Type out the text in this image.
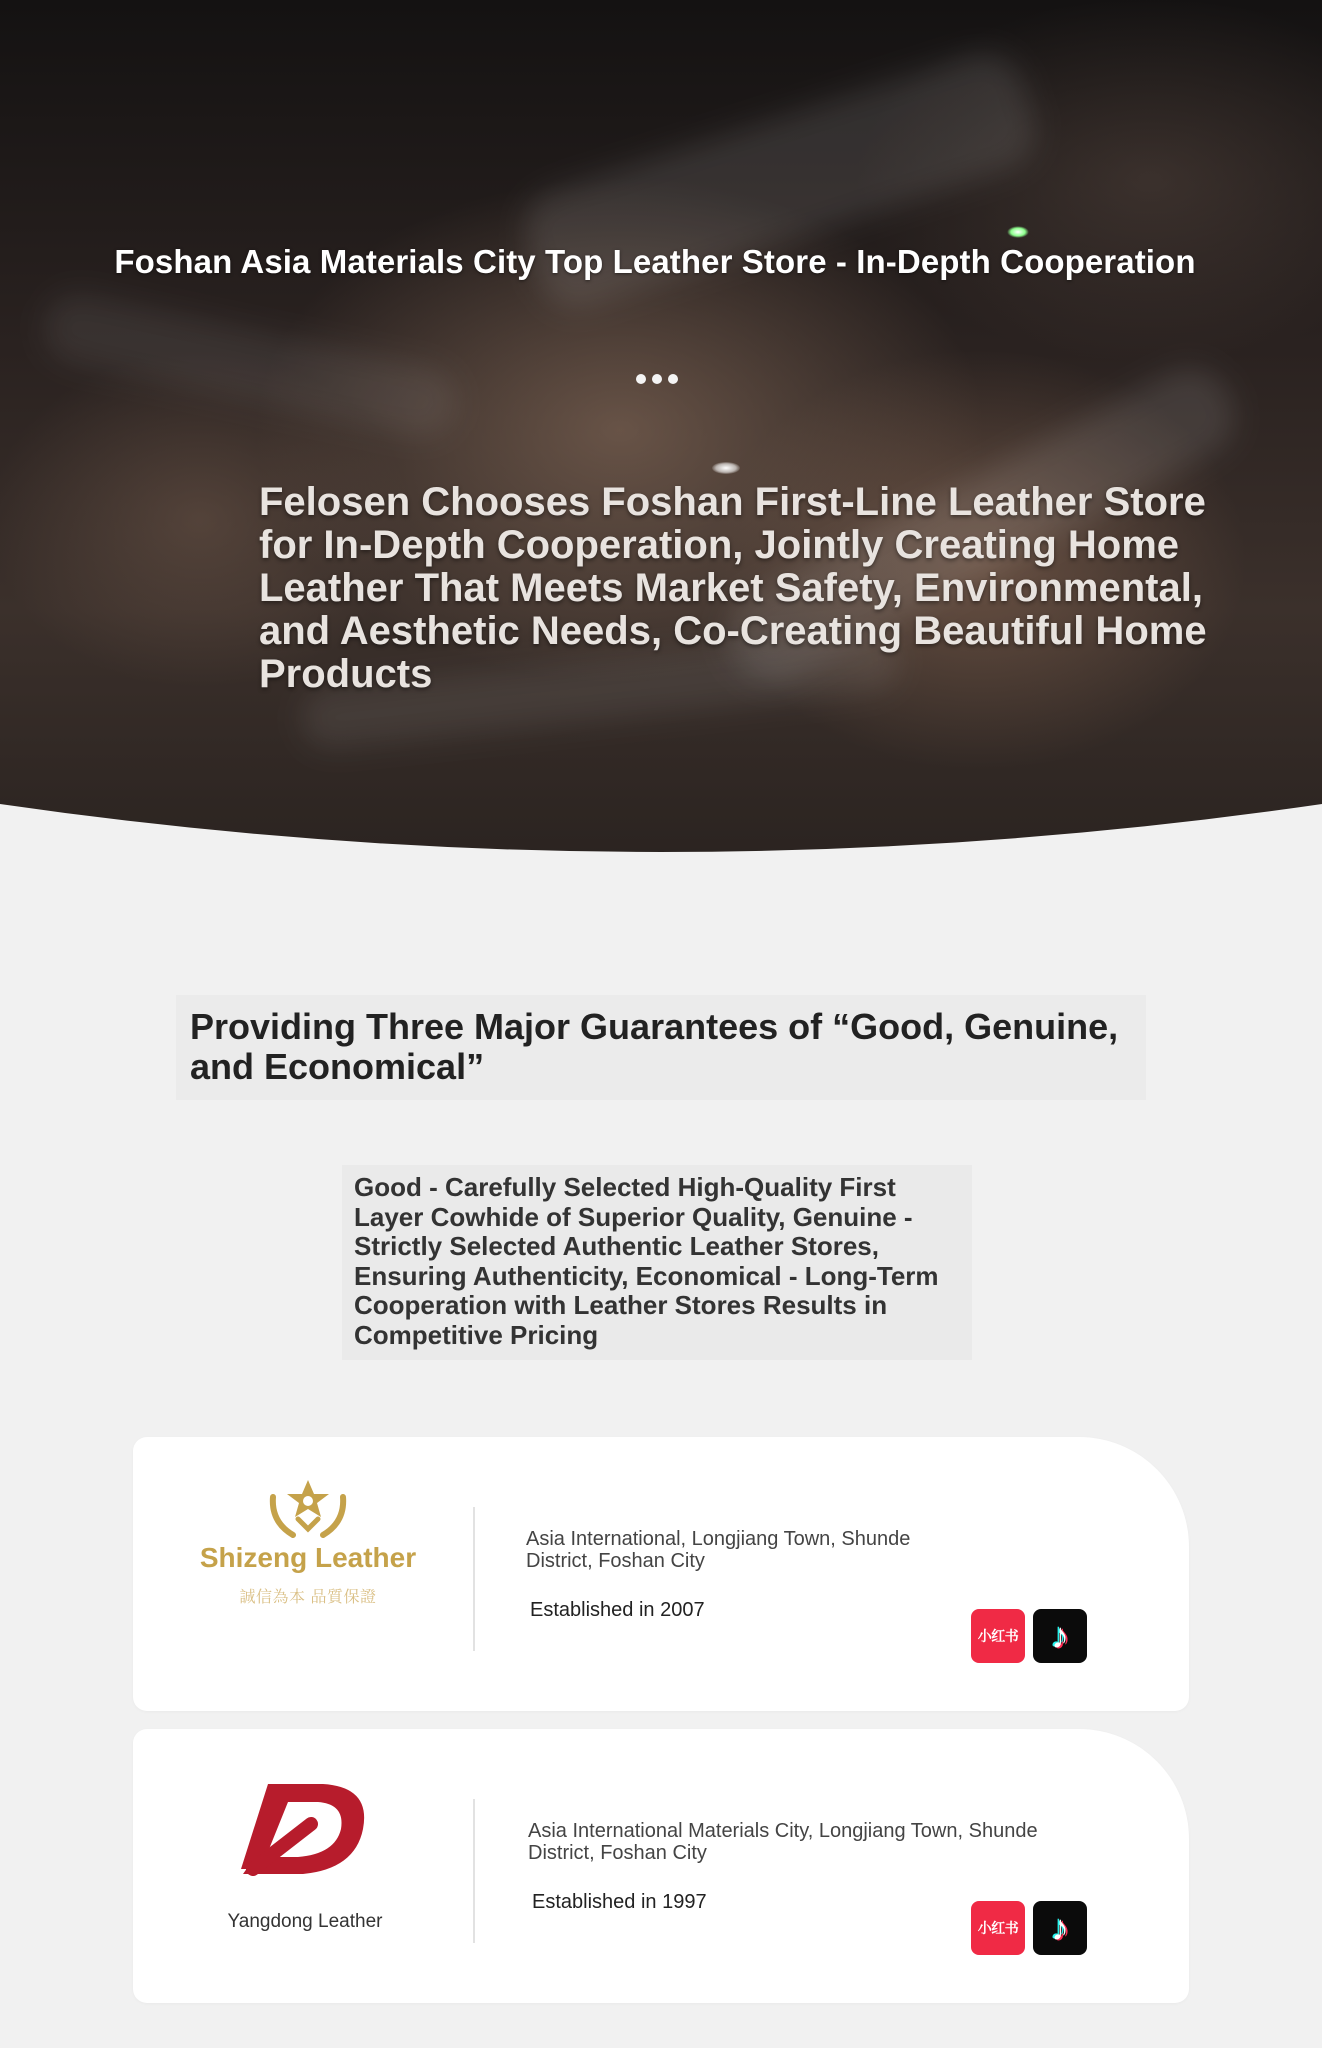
Foshan Asia Materials City Top Leather Store - In-Depth Cooperation
Felosen Chooses Foshan First-Line Leather Store for In-Depth Cooperation, Jointly Creating Home Leather That Meets Market Safety, Environmental, and Aesthetic Needs, Co-Creating Beautiful Home Products
Providing Three Major Guarantees of “Good, Genuine, and Economical”
Good - Carefully Selected High-Quality First Layer Cowhide of Superior Quality, Genuine - Strictly Selected Authentic Leather Stores, Ensuring Authenticity, Economical - Long-Term Cooperation with Leather Stores Results in Competitive Pricing
Shizeng Leather
誠信為本 品質保證
Asia International, Longjiang Town, Shunde District, Foshan City
Established in 2007
小红书 ♪
Yangdong Leather
Asia International Materials City, Longjiang Town, Shunde District, Foshan City
Established in 1997
小红书 ♪
